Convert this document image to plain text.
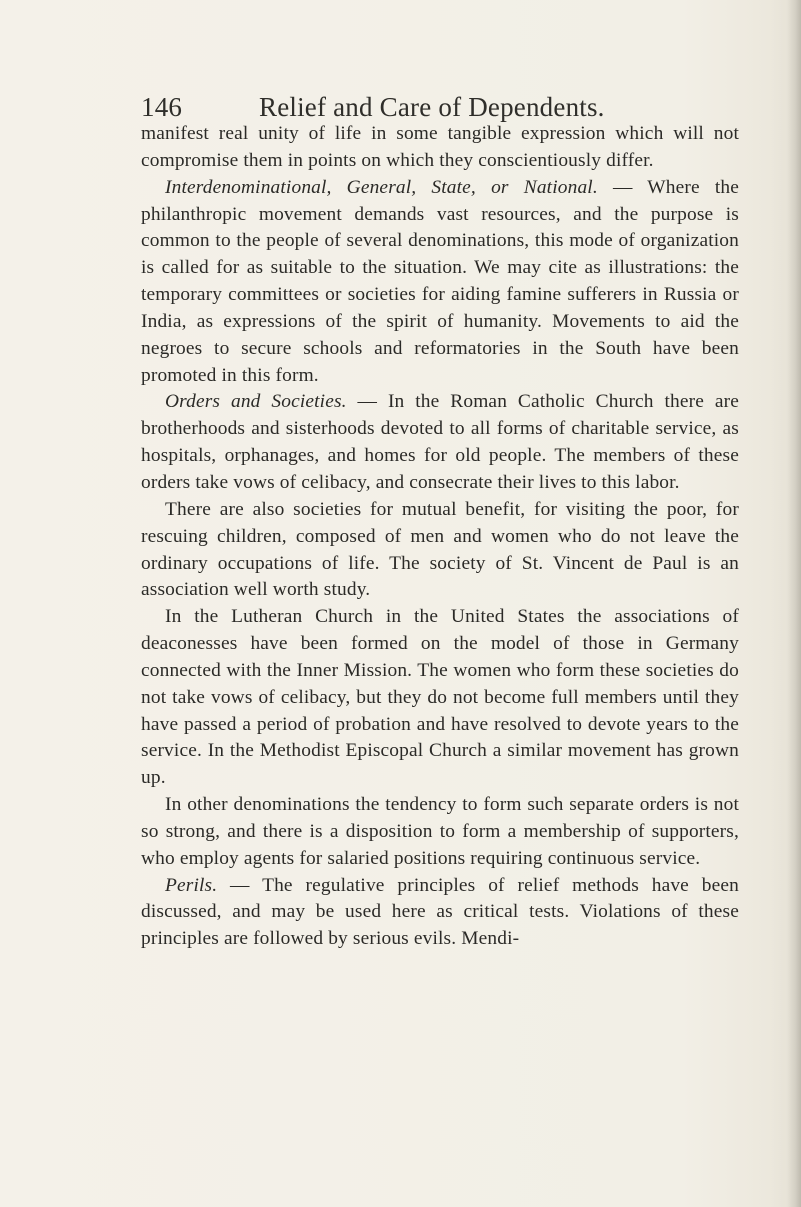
146	Relief and Care of Dependents.

manifest real unity of life in some tangible expression which will not compromise them in points on which they conscientiously differ.

Interdenominational, General, State, or National. — Where the philanthropic movement demands vast resources, and the purpose is common to the people of several denominations, this mode of organization is called for as suitable to the situation. We may cite as illustrations: the temporary committees or societies for aiding famine sufferers in Russia or India, as expressions of the spirit of humanity. Movements to aid the negroes to secure schools and reformatories in the South have been promoted in this form.

Orders and Societies. — In the Roman Catholic Church there are brotherhoods and sisterhoods devoted to all forms of charitable service, as hospitals, orphanages, and homes for old people. The members of these orders take vows of celibacy, and consecrate their lives to this labor.

There are also societies for mutual benefit, for visiting the poor, for rescuing children, composed of men and women who do not leave the ordinary occupations of life. The society of St. Vincent de Paul is an association well worth study.

In the Lutheran Church in the United States the associations of deaconesses have been formed on the model of those in Germany connected with the Inner Mission. The women who form these societies do not take vows of celibacy, but they do not become full members until they have passed a period of probation and have resolved to devote years to the service. In the Methodist Episcopal Church a similar movement has grown up.

In other denominations the tendency to form such separate orders is not so strong, and there is a disposition to form a membership of supporters, who employ agents for salaried positions requiring continuous service.

Perils. — The regulative principles of relief methods have been discussed, and may be used here as critical tests. Violations of these principles are followed by serious evils. Mendi-
